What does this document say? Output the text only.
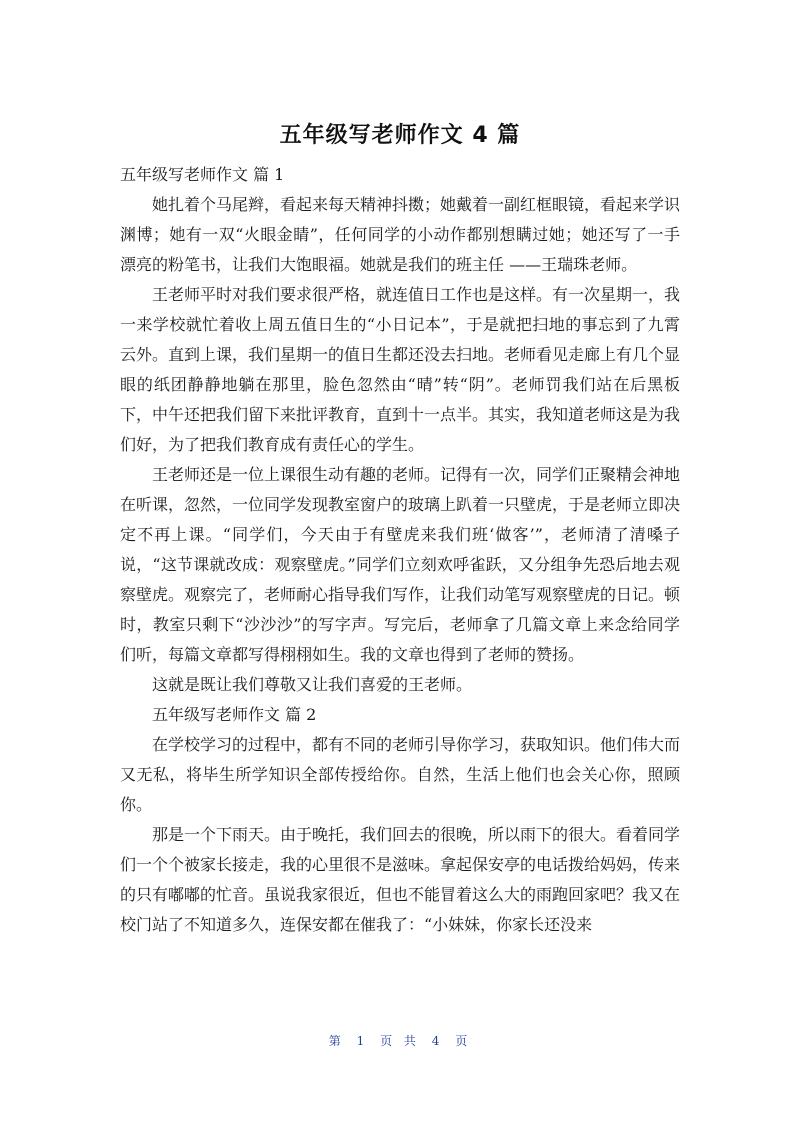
五年级写老师作文 4 篇

五年级写老师作文 篇 1

她扎着个马尾辫，看起来每天精神抖擞；她戴着一副红框眼镜，看起来学识渊博；她有一双“火眼金睛”，任何同学的小动作都别想瞒过她；她还写了一手漂亮的粉笔书，让我们大饱眼福。她就是我们的班主任 ——王瑞珠老师。

王老师平时对我们要求很严格，就连值日工作也是这样。有一次星期一，我一来学校就忙着收上周五值日生的“小日记本”，于是就把扫地的事忘到了九霄云外。直到上课，我们星期一的值日生都还没去扫地。老师看见走廊上有几个显眼的纸团静静地躺在那里，脸色忽然由“晴”转“阴”。老师罚我们站在后黑板下，中午还把我们留下来批评教育，直到十一点半。其实，我知道老师这是为我们好，为了把我们教育成有责任心的学生。

王老师还是一位上课很生动有趣的老师。记得有一次，同学们正聚精会神地在听课，忽然，一位同学发现教室窗户的玻璃上趴着一只壁虎，于是老师立即决定不再上课。“同学们，今天由于有壁虎来我们班‘做客’”，老师清了清嗓子说，“这节课就改成：观察壁虎。”同学们立刻欢呼雀跃，又分组争先恐后地去观察壁虎。观察完了，老师耐心指导我们写作，让我们动笔写观察壁虎的日记。顿时，教室只剩下“沙沙沙”的写字声。写完后，老师拿了几篇文章上来念给同学们听，每篇文章都写得栩栩如生。我的文章也得到了老师的赞扬。

这就是既让我们尊敬又让我们喜爱的王老师。

五年级写老师作文 篇 2

在学校学习的过程中，都有不同的老师引导你学习，获取知识。他们伟大而又无私，将毕生所学知识全部传授给你。自然，生活上他们也会关心你，照顾你。

那是一个下雨天。由于晚托，我们回去的很晚，所以雨下的很大。看着同学们一个个被家长接走，我的心里很不是滋味。拿起保安亭的电话拨给妈妈，传来的只有嘟嘟的忙音。虽说我家很近，但也不能冒着这么大的雨跑回家吧？我又在校门站了不知道多久，连保安都在催我了：“小妹妹，你家长还没来

第 1 页 共 4 页
